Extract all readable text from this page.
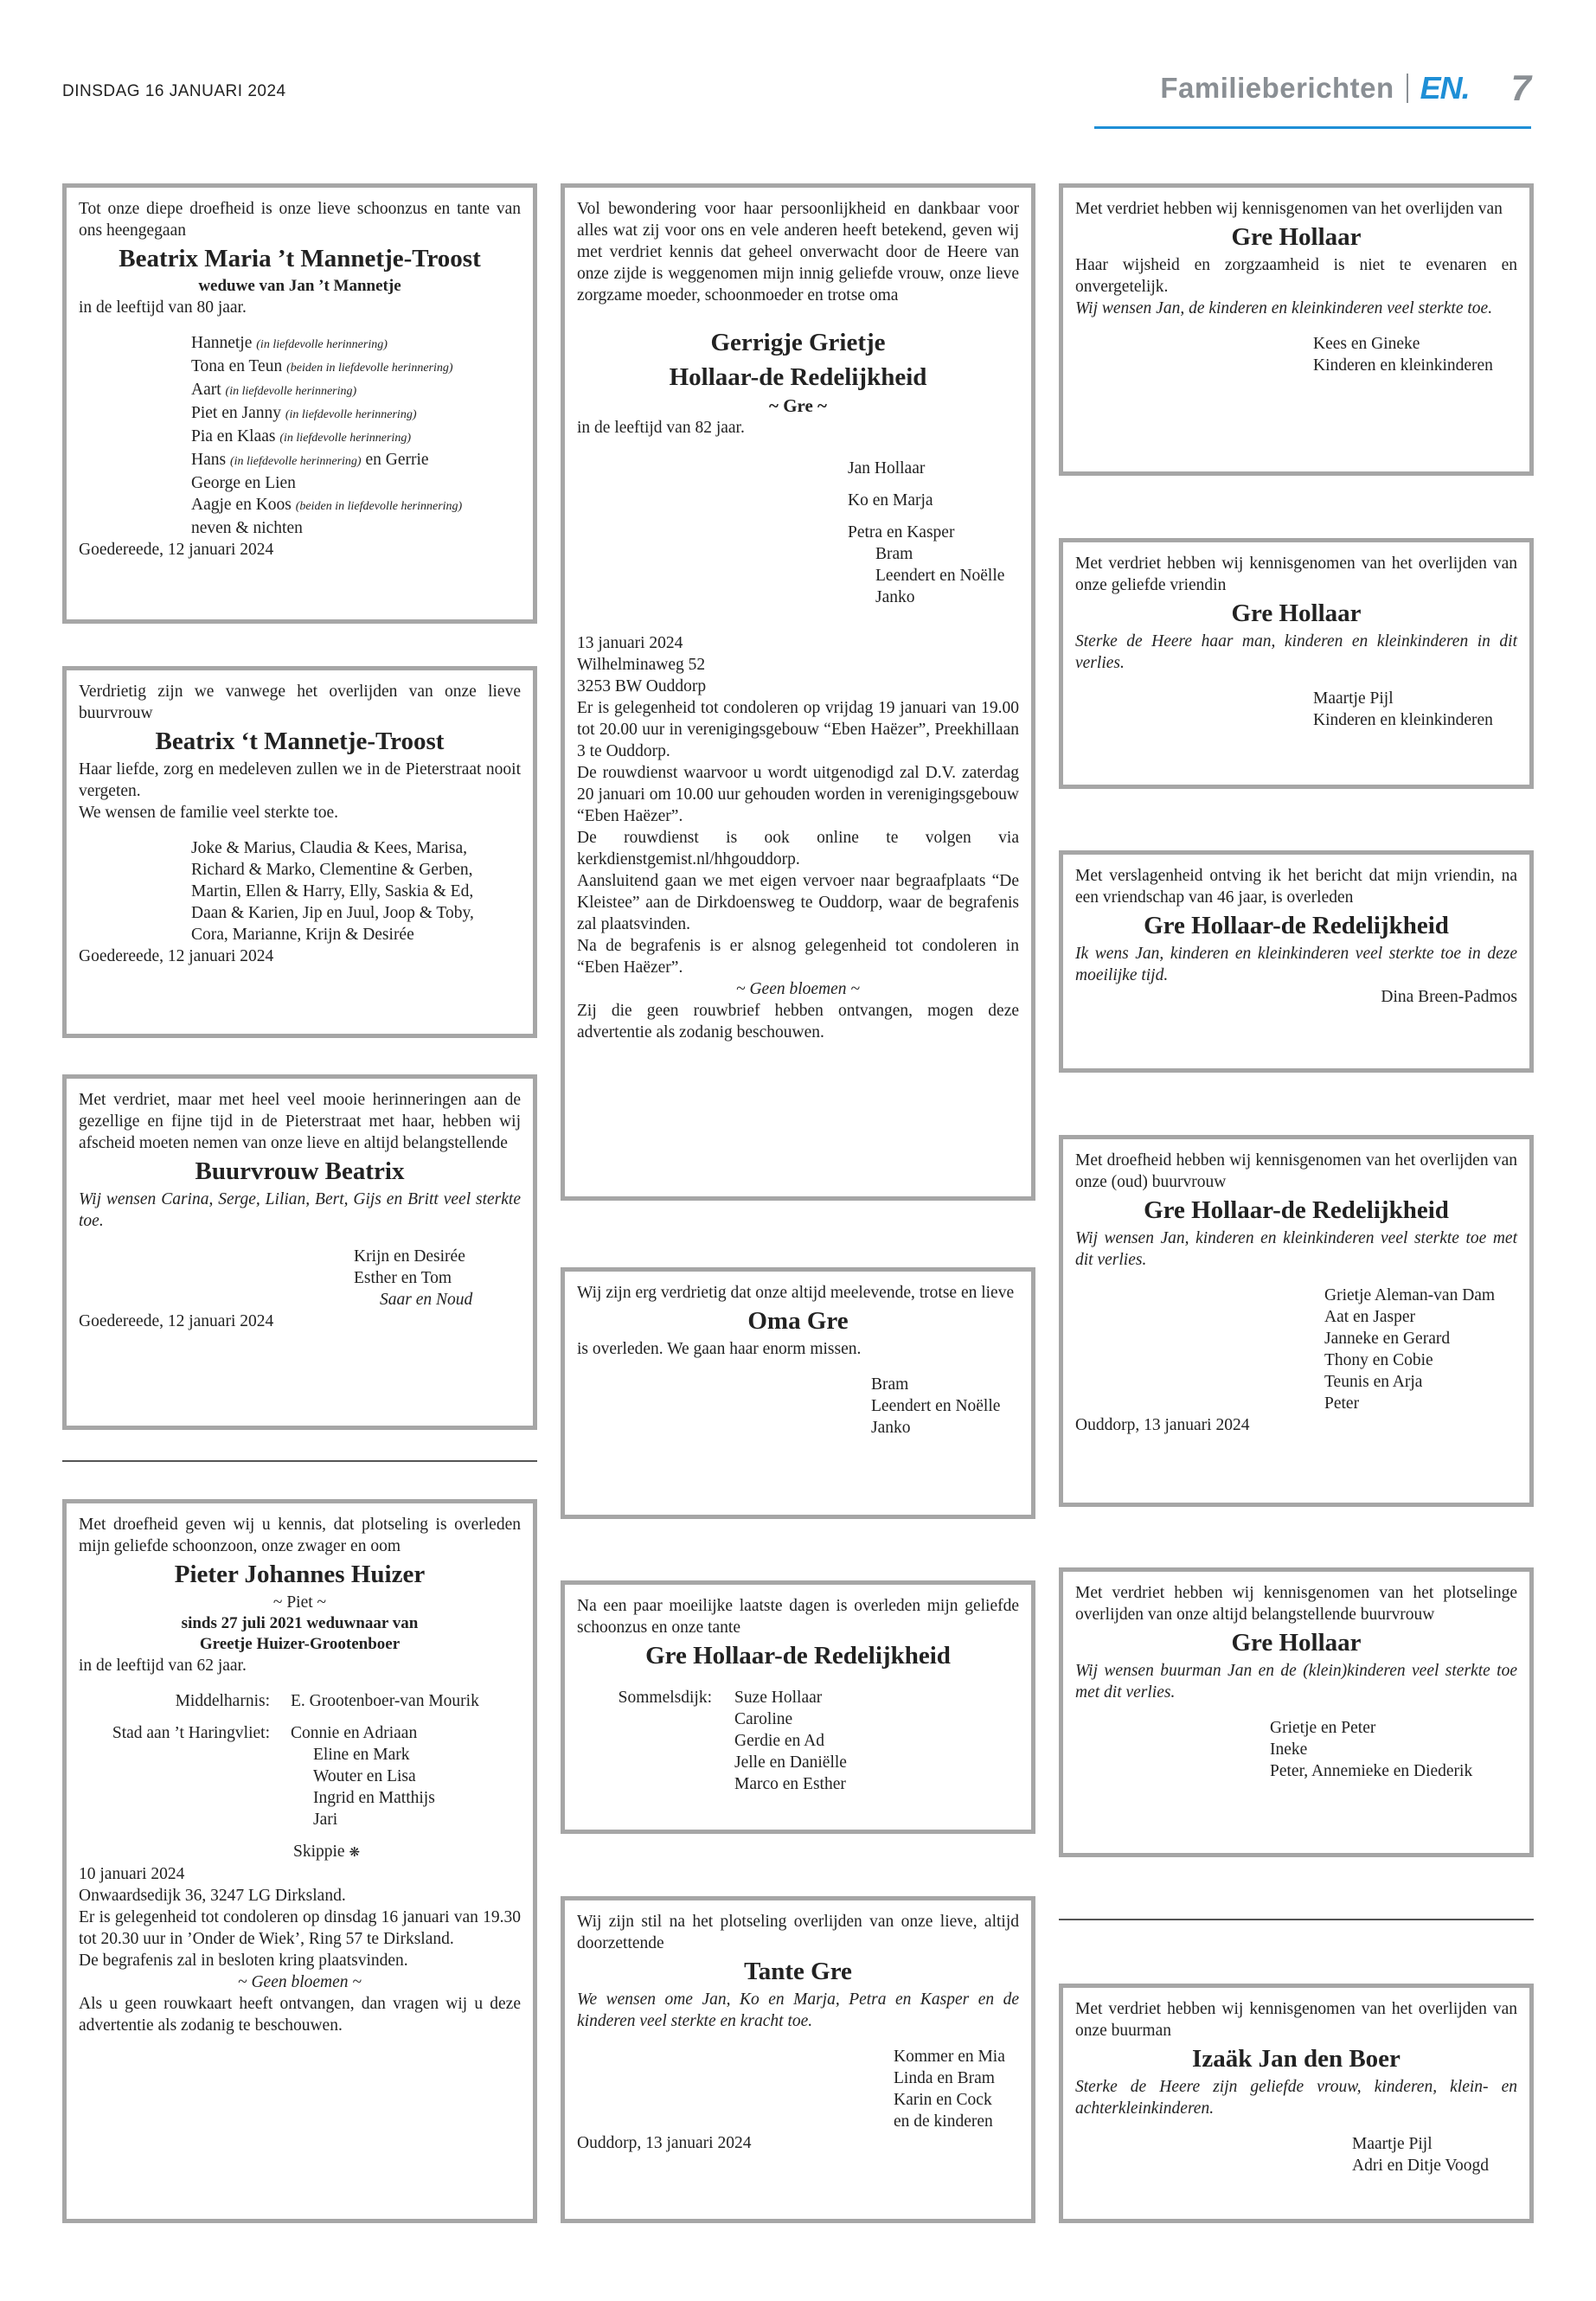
DINSDAG 16 JANUARI 2024	Familieberichten EN. 7

Tot onze diepe droefheid is onze lieve schoonzus en tante van ons heengegaan

Beatrix Maria ’t Mannetje-Troost

weduwe van Jan ’t Mannetje

in de leeftijd van 80 jaar.

Hannetje (in liefdevolle herinnering)

Tona en Teun (beiden in liefdevolle herinnering)

Aart (in liefdevolle herinnering)

Piet en Janny (in liefdevolle herinnering)

Pia en Klaas (in liefdevolle herinnering)

Hans (in liefdevolle herinnering) en Gerrie

George en Lien

Aagje en Koos (beiden in liefdevolle herinnering)

neven & nichten

Goedereede, 12 januari 2024

Verdrietig zijn we vanwege het overlijden van onze lieve buurvrouw

Beatrix ‘t Mannetje-Troost

Haar liefde, zorg en medeleven zullen we in de Pieterstraat nooit vergeten.

We wensen de familie veel sterkte toe.

Joke & Marius, Claudia & Kees, Marisa,

Richard & Marko, Clementine & Gerben,

Martin, Ellen & Harry, Elly, Saskia & Ed,

Daan & Karien, Jip en Juul, Joop & Toby,

Cora, Marianne, Krijn & Desirée

Goedereede, 12 januari 2024

Met verdriet, maar met heel veel mooie herinneringen aan de gezellige en fijne tijd in de Pieterstraat met haar, hebben wij afscheid moeten nemen van onze lieve en altijd belangstellende

Buurvrouw Beatrix

Wij wensen Carina, Serge, Lilian, Bert, Gijs en Britt veel sterkte toe.

Krijn en Desirée

Esther en Tom

Saar en Noud

Goedereede, 12 januari 2024

Met droefheid geven wij u kennis, dat plotseling is overleden mijn geliefde schoonzoon, onze zwager en oom

Pieter Johannes Huizer

~ Piet ~

sinds 27 juli 2021 weduwnaar van

Greetje Huizer-Grootenboer

in de leeftijd van 62 jaar.

Middelharnis:	E. Grootenboer-van Mourik

Stad aan ’t Haringvliet:	Connie en Adriaan

Eline en Mark

Wouter en Lisa

Ingrid en Matthijs

Jari

Skippie ❋

10 januari 2024

Onwaardsedijk 36, 3247 LG Dirksland.

Er is gelegenheid tot condoleren op dinsdag 16 januari van 19.30 tot 20.30 uur in ’Onder de Wiek’, Ring 57 te Dirksland.

De begrafenis zal in besloten kring plaatsvinden.

~ Geen bloemen ~

Als u geen rouwkaart heeft ontvangen, dan vragen wij u deze advertentie als zodanig te beschouwen.

Vol bewondering voor haar persoonlijkheid en dankbaar voor alles wat zij voor ons en vele anderen heeft betekend, geven wij met verdriet kennis dat geheel onverwacht door de Heere van onze zijde is weggenomen mijn innig geliefde vrouw, onze lieve zorgzame moeder, schoonmoeder en trotse oma

Gerrigje Grietje

Hollaar-de Redelijkheid

~ Gre ~

in de leeftijd van 82 jaar.

Jan Hollaar

Ko en Marja

Petra en Kasper

Bram

Leendert en Noëlle

Janko

13 januari 2024

Wilhelminaweg 52

3253 BW Ouddorp

Er is gelegenheid tot condoleren op vrijdag 19 januari van 19.00 tot 20.00 uur in verenigingsgebouw “Eben Haëzer”, Preekhillaan 3 te Ouddorp.

De rouwdienst waarvoor u wordt uitgenodigd zal D.V. zaterdag 20 januari om 10.00 uur gehouden worden in verenigingsgebouw “Eben Haëzer”.

De rouwdienst is ook online te volgen via kerkdienstgemist.nl/hhgouddorp.

Aansluitend gaan we met eigen vervoer naar begraafplaats “De Kleistee” aan de Dirkdoensweg te Ouddorp, waar de begrafenis zal plaatsvinden.

Na de begrafenis is er alsnog gelegenheid tot condoleren in “Eben Haëzer”.

~ Geen bloemen ~

Zij die geen rouwbrief hebben ontvangen, mogen deze advertentie als zodanig beschouwen.

Wij zijn erg verdrietig dat onze altijd meelevende, trotse en lieve

Oma Gre

is overleden. We gaan haar enorm missen.

Bram

Leendert en Noëlle

Janko

Na een paar moeilijke laatste dagen is overleden mijn geliefde schoonzus en onze tante

Gre Hollaar-de Redelijkheid

Sommelsdijk:	Suze Hollaar

Caroline

Gerdie en Ad

Jelle en Daniëlle

Marco en Esther

Wij zijn stil na het plotseling overlijden van onze lieve, altijd doorzettende

Tante Gre

We wensen ome Jan, Ko en Marja, Petra en Kasper en de kinderen veel sterkte en kracht toe.

Kommer en Mia

Linda en Bram

Karin en Cock

en de kinderen

Ouddorp, 13 januari 2024

Met verdriet hebben wij kennisgenomen van het overlijden van

Gre Hollaar

Haar wijsheid en zorgzaamheid is niet te evenaren en onvergetelijk.

Wij wensen Jan, de kinderen en kleinkinderen veel sterkte toe.

Kees en Gineke

Kinderen en kleinkinderen

Met verdriet hebben wij kennisgenomen van het overlijden van onze geliefde vriendin

Gre Hollaar

Sterke de Heere haar man, kinderen en kleinkinderen in dit verlies.

Maartje Pijl

Kinderen en kleinkinderen

Met verslagenheid ontving ik het bericht dat mijn vriendin, na een vriendschap van 46 jaar, is overleden

Gre Hollaar-de Redelijkheid

Ik wens Jan, kinderen en kleinkinderen veel sterkte toe in deze moeilijke tijd.

Dina Breen-Padmos

Met droefheid hebben wij kennisgenomen van het overlijden van onze (oud) buurvrouw

Gre Hollaar-de Redelijkheid

Wij wensen Jan, kinderen en kleinkinderen veel sterkte toe met dit verlies.

Grietje Aleman-van Dam

Aat en Jasper

Janneke en Gerard

Thony en Cobie

Teunis en Arja

Peter

Ouddorp, 13 januari 2024

Met verdriet hebben wij kennisgenomen van het plotselinge overlijden van onze altijd belangstellende buurvrouw

Gre Hollaar

Wij wensen buurman Jan en de (klein)kinderen veel sterkte toe met dit verlies.

Grietje en Peter

Ineke

Peter, Annemieke en Diederik

Met verdriet hebben wij kennisgenomen van het overlijden van onze buurman

Izaäk Jan den Boer

Sterke de Heere zijn geliefde vrouw, kinderen, klein- en achterkleinkinderen.

Maartje Pijl

Adri en Ditje Voogd
